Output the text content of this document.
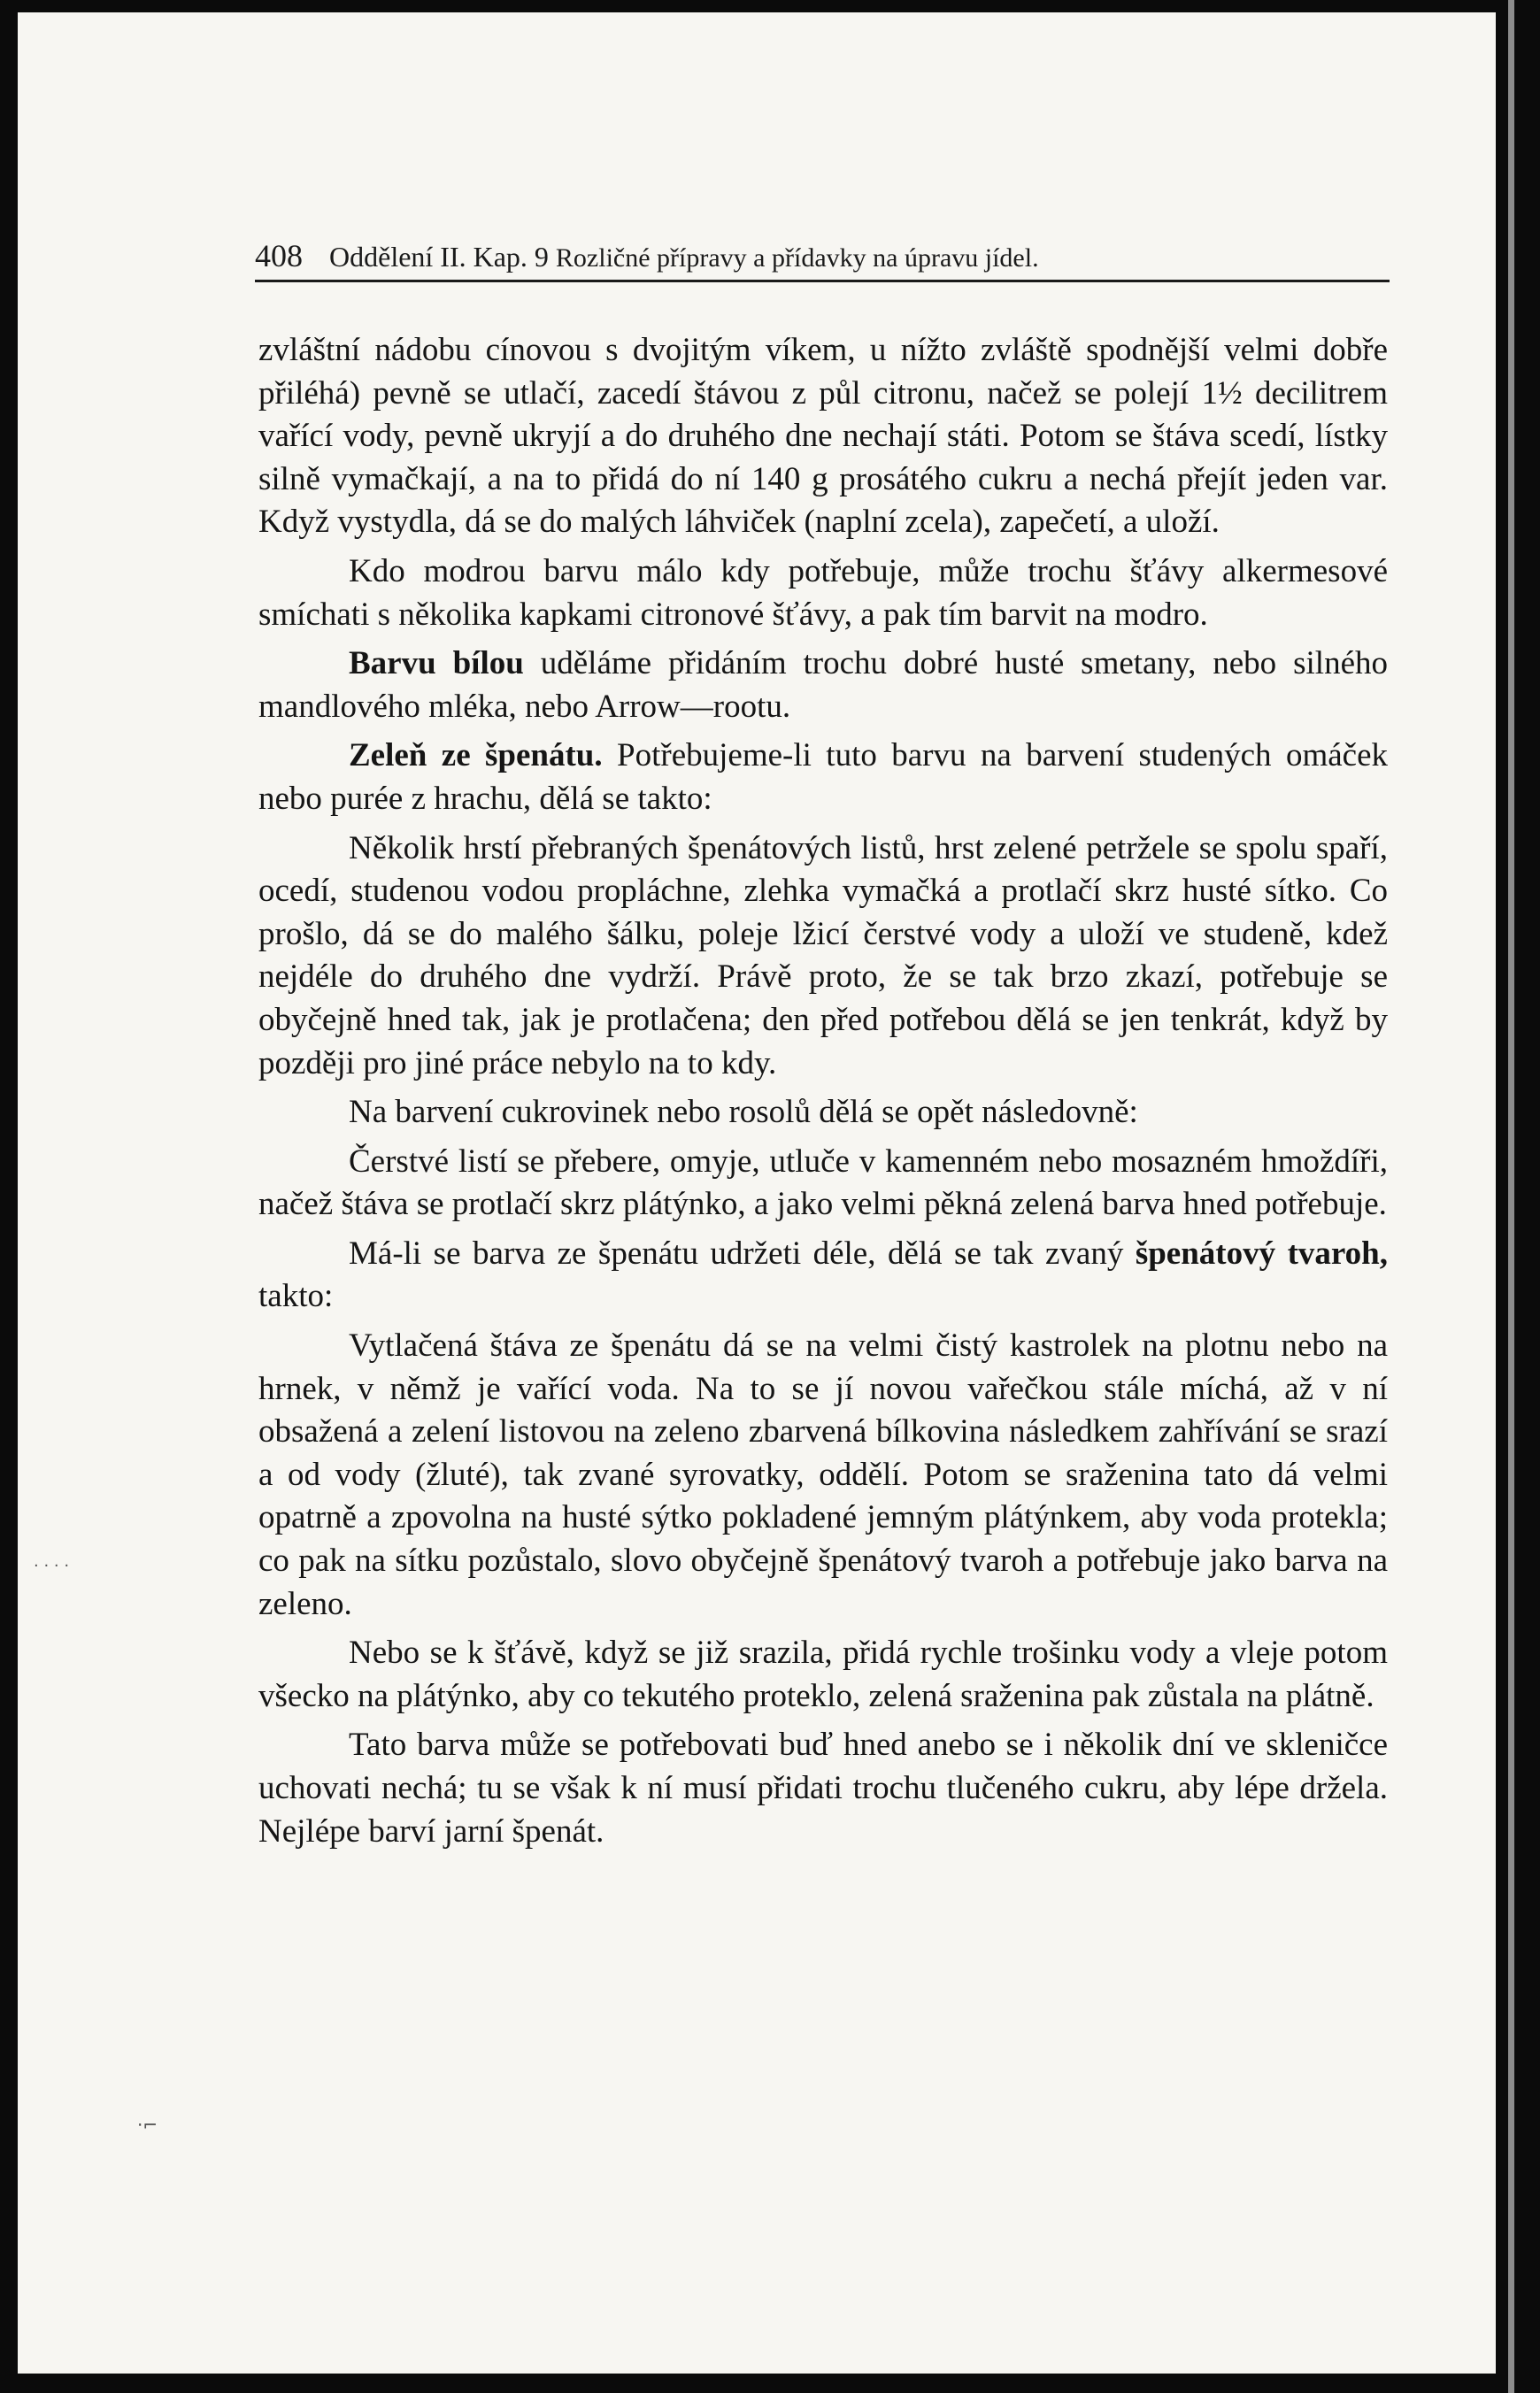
408 Oddělení II. Kap. 9 Rozličné přípravy a přídavky na úpravu jídel.

zvláštní nádobu cínovou s dvojitým víkem, u nížto zvláště spodnější velmi dobře přiléhá) pevně se utlačí, zacedí štávou z půl citronu, načež se polejí 1½ decilitrem vařící vody, pevně ukryjí a do druhého dne nechají státi. Potom se štáva scedí, lístky silně vymačkají, a na to přidá do ní 140 g prosátého cukru a nechá přejít jeden var. Když vystydla, dá se do malých láhviček (naplní zcela), zapečetí, a uloží.

Kdo modrou barvu málo kdy potřebuje, může trochu šťávy alkermesové smíchati s několika kapkami citronové šťávy, a pak tím barvit na modro.

Barvu bílou uděláme přidáním trochu dobré husté smetany, nebo silného mandlového mléka, nebo Arrow—rootu.

Zeleň ze špenátu. Potřebujeme-li tuto barvu na barvení studených omáček nebo purée z hrachu, dělá se takto:

Několik hrstí přebraných špenátových listů, hrst zelené petržele se spolu spaří, ocedí, studenou vodou propláchne, zlehka vymačká a protlačí skrz husté sítko. Co prošlo, dá se do malého šálku, poleje lžicí čerstvé vody a uloží ve studeně, kdež nejdéle do druhého dne vydrží. Právě proto, že se tak brzo zkazí, potřebuje se obyčejně hned tak, jak je protlačena; den před potřebou dělá se jen tenkrát, když by později pro jiné práce nebylo na to kdy.

Na barvení cukrovinek nebo rosolů dělá se opět následovně:

Čerstvé listí se přebere, omyje, utluče v kamenném nebo mosazném hmoždíři, načež štáva se protlačí skrz plátýnko, a jako velmi pěkná zelená barva hned potřebuje.

Má-li se barva ze špenátu udržeti déle, dělá se tak zvaný špenátový tvaroh, takto:

Vytlačená štáva ze špenátu dá se na velmi čistý kastrolek na plotnu nebo na hrnek, v němž je vařící voda. Na to se jí novou vařečkou stále míchá, až v ní obsažená a zelení listovou na zeleno zbarvená bílkovina následkem zahřívání se srazí a od vody (žluté), tak zvané syrovatky, oddělí. Potom se sraženina tato dá velmi opatrně a zpovolna na husté sýtko pokladené jemným plátýnkem, aby voda protekla; co pak na sítku pozůstalo, slovo obyčejně špenátový tvaroh a potřebuje jako barva na zeleno.

Nebo se k šťávě, když se již srazila, přidá rychle trošinku vody a vleje potom všecko na plátýnko, aby co tekutého proteklo, zelená sraženina pak zůstala na plátně.

Tato barva může se potřebovati buď hned anebo se i několik dní ve skleničce uchovati nechá; tu se však k ní musí přidati trochu tlučeného cukru, aby lépe držela. Nejlépe barví jarní špenát.

· · · ·
·⌐
